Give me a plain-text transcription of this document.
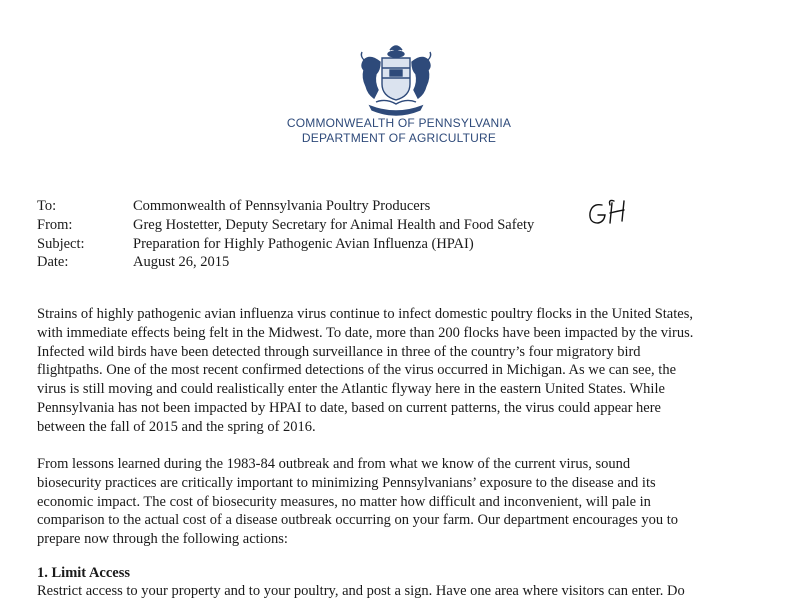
COMMONWEALTH OF PENNSYLVANIA
DEPARTMENT OF AGRICULTURE
To:	Commonwealth of Pennsylvania Poultry Producers
From:	Greg Hostetter, Deputy Secretary for Animal Health and Food Safety
Subject:	Preparation for Highly Pathogenic Avian Influenza (HPAI)
Date:	August 26, 2015
Strains of highly pathogenic avian influenza virus continue to infect domestic poultry flocks in the United States,
with immediate effects being felt in the Midwest. To date, more than 200 flocks have been impacted by the virus.
Infected wild birds have been detected through surveillance in three of the country’s four migratory bird
flightpaths. One of the most recent confirmed detections of the virus occurred in Michigan. As we can see, the
virus is still moving and could realistically enter the Atlantic flyway here in the eastern United States. While
Pennsylvania has not been impacted by HPAI to date, based on current patterns, the virus could appear here
between the fall of 2015 and the spring of 2016.
From lessons learned during the 1983-84 outbreak and from what we know of the current virus, sound
biosecurity practices are critically important to minimizing Pennsylvanians’ exposure to the disease and its
economic impact. The cost of biosecurity measures, no matter how difficult and inconvenient, will pale in
comparison to the actual cost of a disease outbreak occurring on your farm. Our department encourages you to
prepare now through the following actions:
1. Limit Access
Restrict access to your property and to your poultry, and post a sign. Have one area where visitors can enter. Do
